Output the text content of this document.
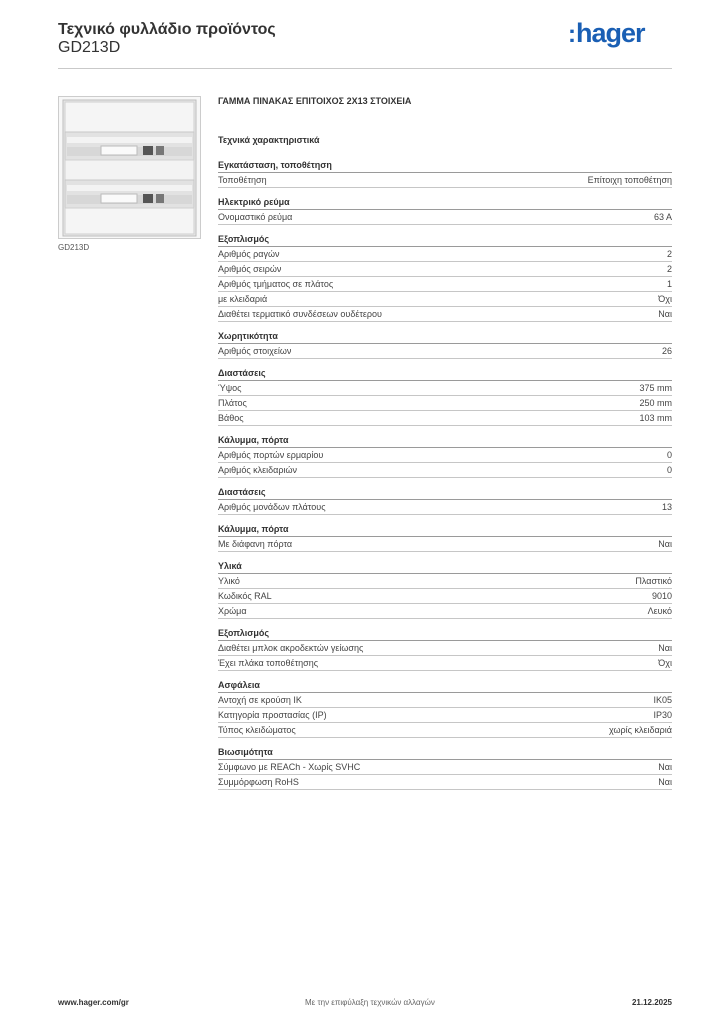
Τεχνικό φυλλάδιο προϊόντος
GD213D	:hager
GD213D
ΓΑΜΜΑ ΠΙΝΑΚΑΣ ΕΠΙΤΟΙΧΟΣ 2X13 ΣΤΟΙΧΕΙΑ
Τεχνικά χαρακτηριστικά
Εγκατάσταση, τοποθέτηση
Τοποθέτηση	Επίτοιχη τοποθέτηση
Ηλεκτρικό ρεύμα
Ονομαστικό ρεύμα	63 A
Εξοπλισμός
Αριθμός ραγών	2
Αριθμός σειρών	2
Αριθμός τμήματος σε πλάτος	1
με κλειδαριά	Όχι
Διαθέτει τερματικό συνδέσεων ουδέτερου	Ναι
Χωρητικότητα
Αριθμός στοιχείων	26
Διαστάσεις
Ύψος	375 mm
Πλάτος	250 mm
Βάθος	103 mm
Κάλυμμα, πόρτα
Αριθμός πορτών ερμαρίου	0
Αριθμός κλειδαριών	0
Διαστάσεις
Αριθμός μονάδων πλάτους	13
Κάλυμμα, πόρτα
Με διάφανη πόρτα	Ναι
Υλικά
Υλικό	Πλαστικό
Κωδικός RAL	9010
Χρώμα	Λευκό
Εξοπλισμός
Διαθέτει μπλοκ ακροδεκτών γείωσης	Ναι
Έχει πλάκα τοποθέτησης	Όχι
Ασφάλεια
Αντοχή σε κρούση IK	IK05
Κατηγορία προστασίας (IP)	IP30
Τύπος κλειδώματος	χωρίς κλειδαριά
Βιωσιμότητα
Σύμφωνο με REACh - Χωρίς SVHC	Ναι
Συμμόρφωση RoHS	Ναι
www.hager.com/gr	Με την επιφύλαξη τεχνικών αλλαγών	21.12.2025
